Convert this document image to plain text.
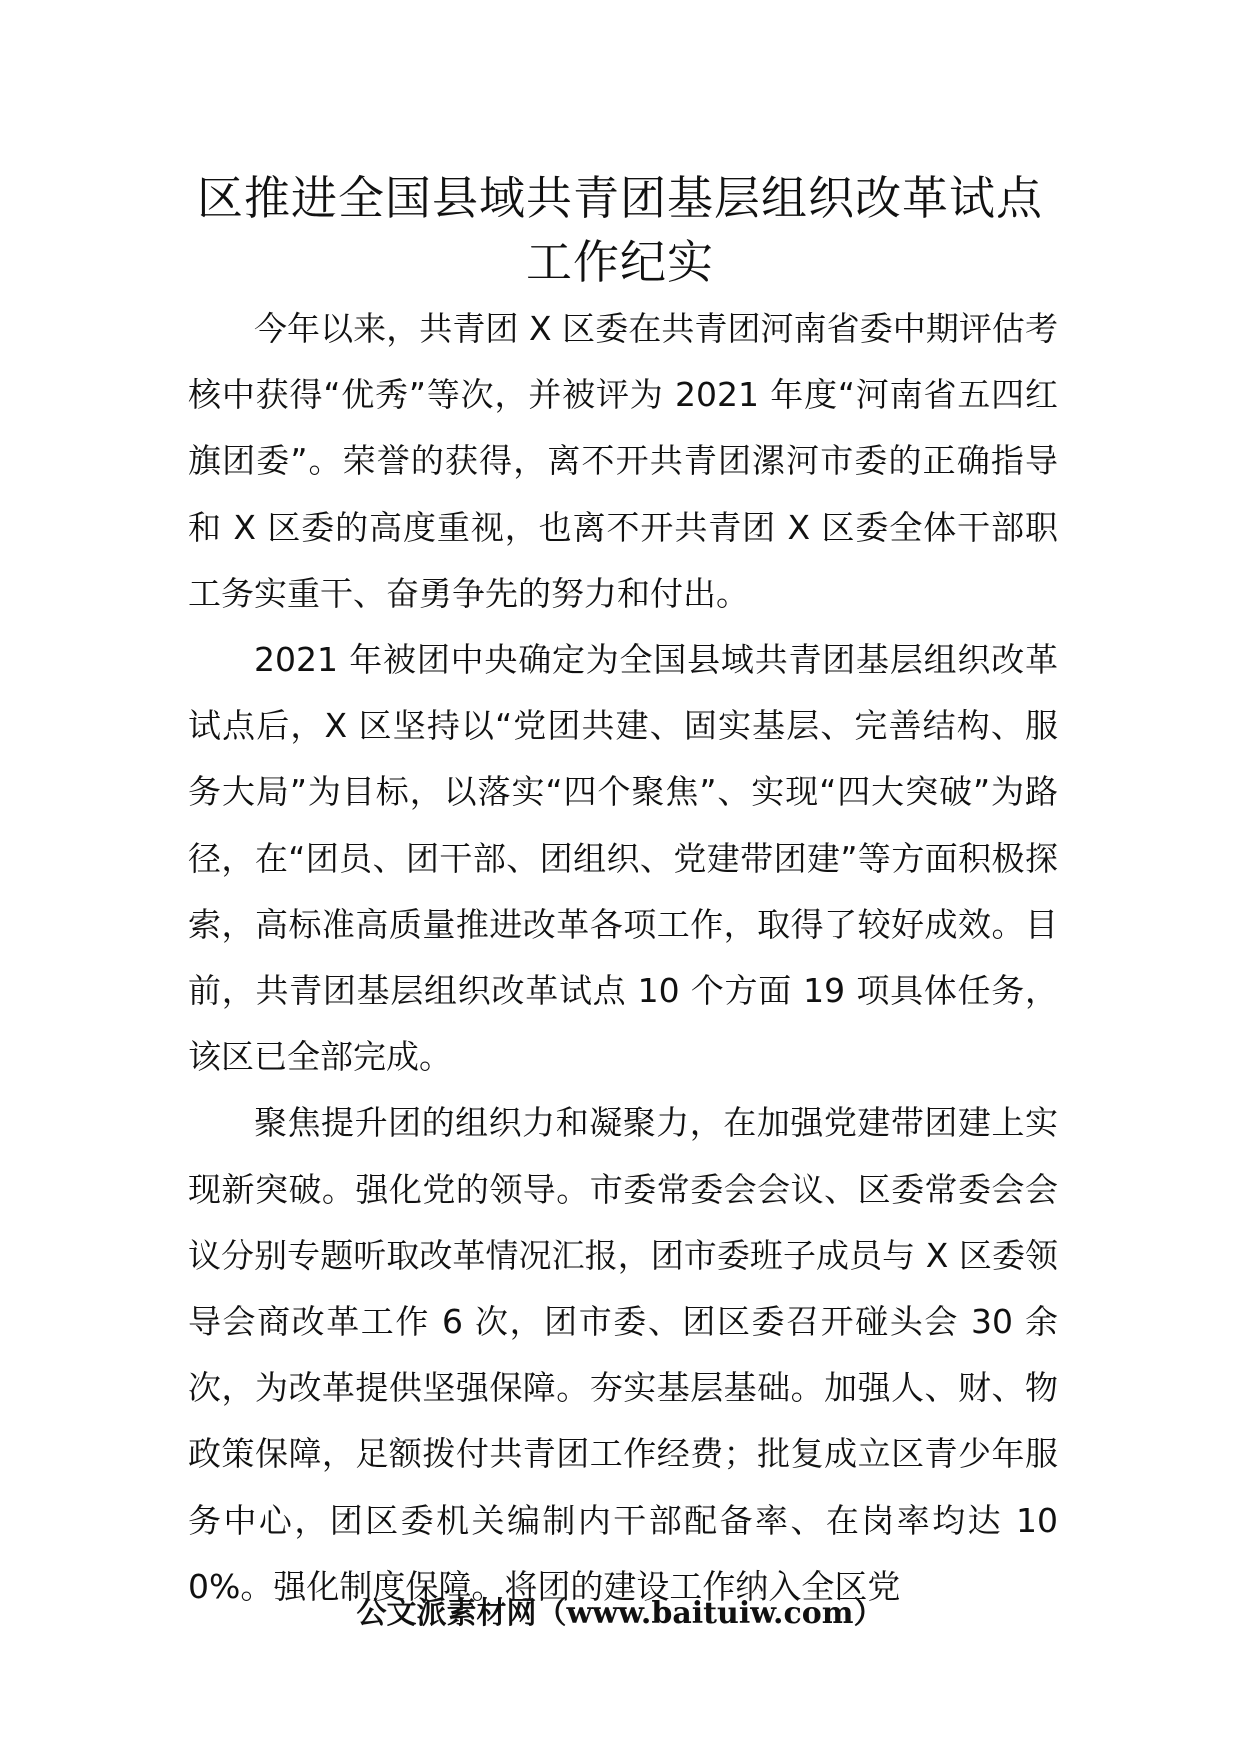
区推进全国县域共青团基层组织改革试点
工作纪实

今年以来，共青团 X 区委在共青团河南省委中期评估考核中获得“优秀”等次，并被评为 2021 年度“河南省五四红旗团委”。荣誉的获得，离不开共青团漯河市委的正确指导和 X 区委的高度重视，也离不开共青团 X 区委全体干部职工务实重干、奋勇争先的努力和付出。

2021 年被团中央确定为全国县域共青团基层组织改革试点后，X 区坚持以“党团共建、固实基层、完善结构、服务大局”为目标，以落实“四个聚焦”、实现“四大突破”为路径，在“团员、团干部、团组织、党建带团建”等方面积极探索，高标准高质量推进改革各项工作，取得了较好成效。目前，共青团基层组织改革试点 10 个方面 19 项具体任务，该区已全部完成。

聚焦提升团的组织力和凝聚力，在加强党建带团建上实现新突破。强化党的领导。市委常委会会议、区委常委会会议分别专题听取改革情况汇报，团市委班子成员与 X 区委领导会商改革工作 6 次，团市委、团区委召开碰头会 30 余次，为改革提供坚强保障。夯实基层基础。加强人、财、物政策保障，足额拨付共青团工作经费；批复成立区青少年服务中心，团区委机关编制内干部配备率、在岗率均达 100%。强化制度保障。将团的建设工作纳入全区党

公文派素材网（www.baituiw.com）
